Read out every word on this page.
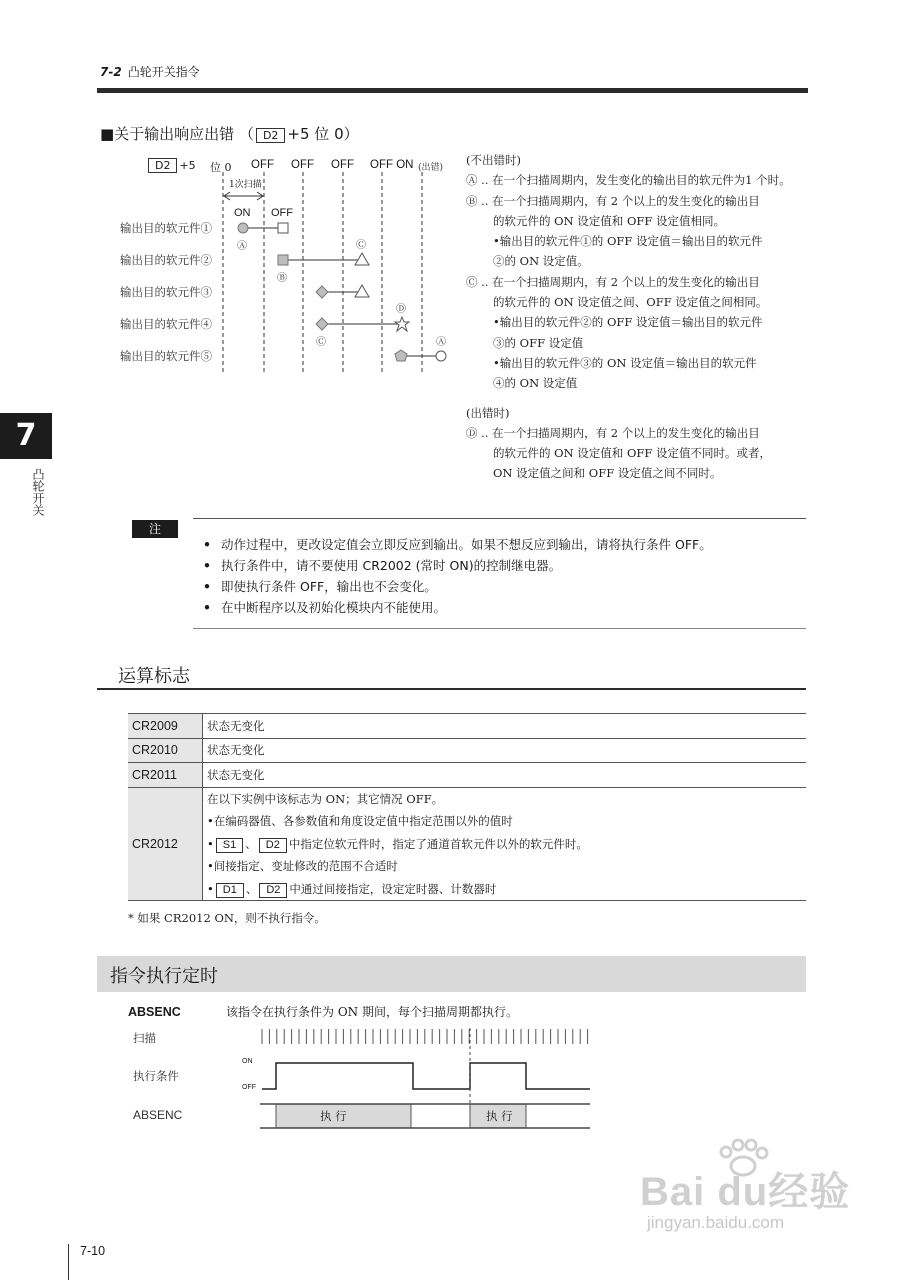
7-2 凸轮开关指令
■关于输出响应出错 （ D2 +5 位 0）
D2 +5 位 0 OFF OFF OFF OFF ON (出错)
1次扫描
ON OFF
输出目的软元件①
输出目的软元件②
输出目的软元件③
输出目的软元件④
输出目的软元件⑤
Ⓐ
Ⓑ
Ⓒ
Ⓒ
Ⓓ
Ⓐ

(不出错时)

Ⓐ .. 在一个扫描周期内，发生变化的输出目的软元件为1 个时。

Ⓑ .. 在一个扫描周期内，有 2 个以上的发生变化的输出目

的软元件的 ON 设定值和 OFF 设定值相同。

•输出目的软元件①的 OFF 设定值＝输出目的软元件

②的 ON 设定值。

Ⓒ .. 在一个扫描周期内，有 2 个以上的发生变化的输出目

的软元件的 ON 设定值之间、OFF 设定值之间相同。

•输出目的软元件②的 OFF 设定值＝输出目的软元件

③的 OFF 设定值

•输出目的软元件③的 ON 设定值＝输出目的软元件

④的 ON 设定值

(出错时)

Ⓓ .. 在一个扫描周期内，有 2 个以上的发生变化的输出目

的软元件的 ON 设定值和 OFF 设定值不同时。或者，

ON 设定值之间和 OFF 设定值之间不同时。

7
凸轮开关
注
• 动作过程中，更改设定值会立即反应到输出。如果不想反应到输出，请将执行条件 OFF。
• 执行条件中，请不要使用 CR2002 (常时 ON)的控制继电器。
• 即使执行条件 OFF，输出也不会变化。
• 在中断程序以及初始化模块内不能使用。
运算标志
CR2009	状态无变化
CR2010	状态无变化
CR2011	状态无变化
CR2012	在以下实例中该标志为 ON；其它情况 OFF。
•在编码器值、各参数值和角度设定值中指定范围以外的值时
• S1 、 D2 中指定位软元件时，指定了通道首软元件以外的软元件时。
•间接指定、变址修改的范围不合适时
• D1 、 D2 中通过间接指定，设定定时器、计数器时
* 如果 CR2012 ON，则不执行指令。
指令执行定时
ABSENC	该指令在执行条件为 ON 期间，每个扫描周期都执行。
扫描
执行条件
ABSENC
ON
OFF
执 行	执 行
7-10
Bai du经验
jingyan.baidu.com
